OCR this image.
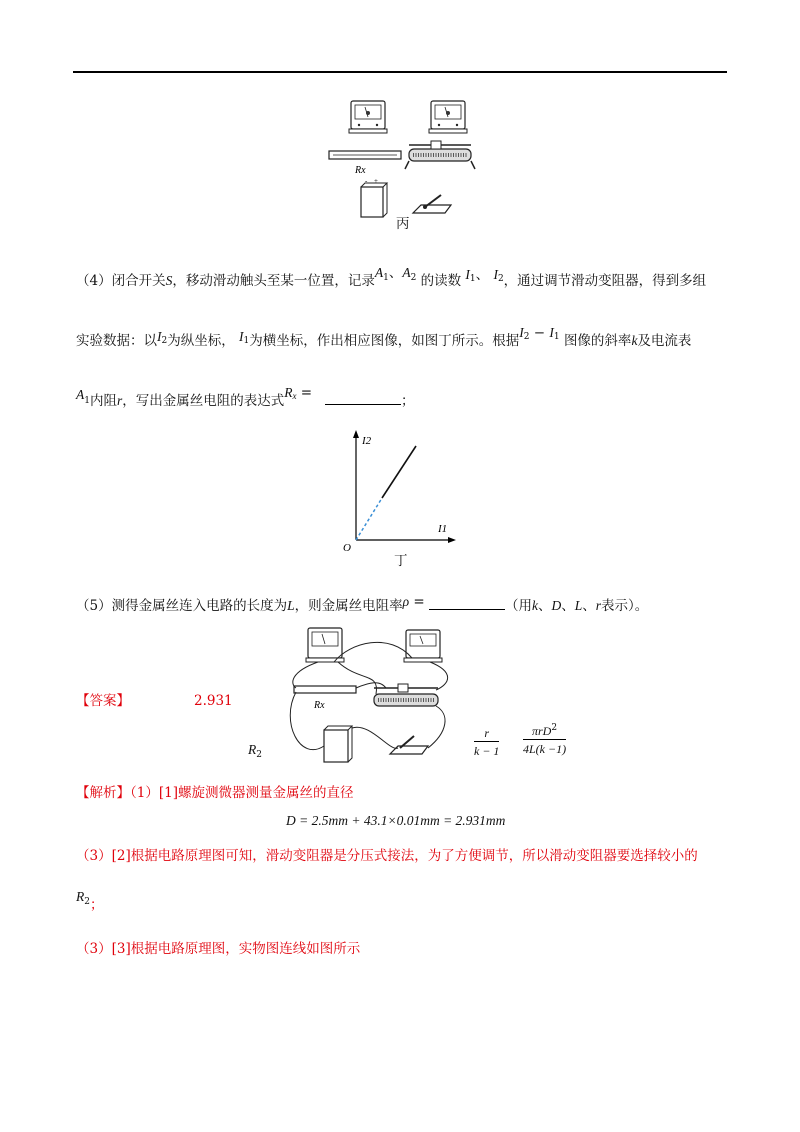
Rx
- +
丙
（4）闭合开关S，移动滑动触头至某一位置，记录$A^1$、$A^2$ 的读数 $I^1$、 $I^2$，通过调节滑动变阻器，得到多组
实验数据：以I2为纵坐标， I1为横坐标，作出相应图像，如图丁所示。根据$I^2 - I^1$ 图像的斜率k及电流表
A1内阻r，写出金属丝电阻的表达式$R^x$ =	；
I2
I1
O
丁
（5）测得金属丝连入电路的长度为L，则金属丝电阻率ρ =	（用k、D、L、r表示）。
Rx
【答案】	2.931
$R_2$
r
k − 1
πrD$^2$
4L(k −1)
【解析】（1）[1]螺旋测微器测量金属丝的直径
D = 2.5mm + 43.1×0.01mm = 2.931mm
（3）[2]根据电路原理图可知，滑动变阻器是分压式接法，为了方便调节，所以滑动变阻器要选择较小的
$R_2$；
（3）[3]根据电路原理图，实物图连线如图所示
